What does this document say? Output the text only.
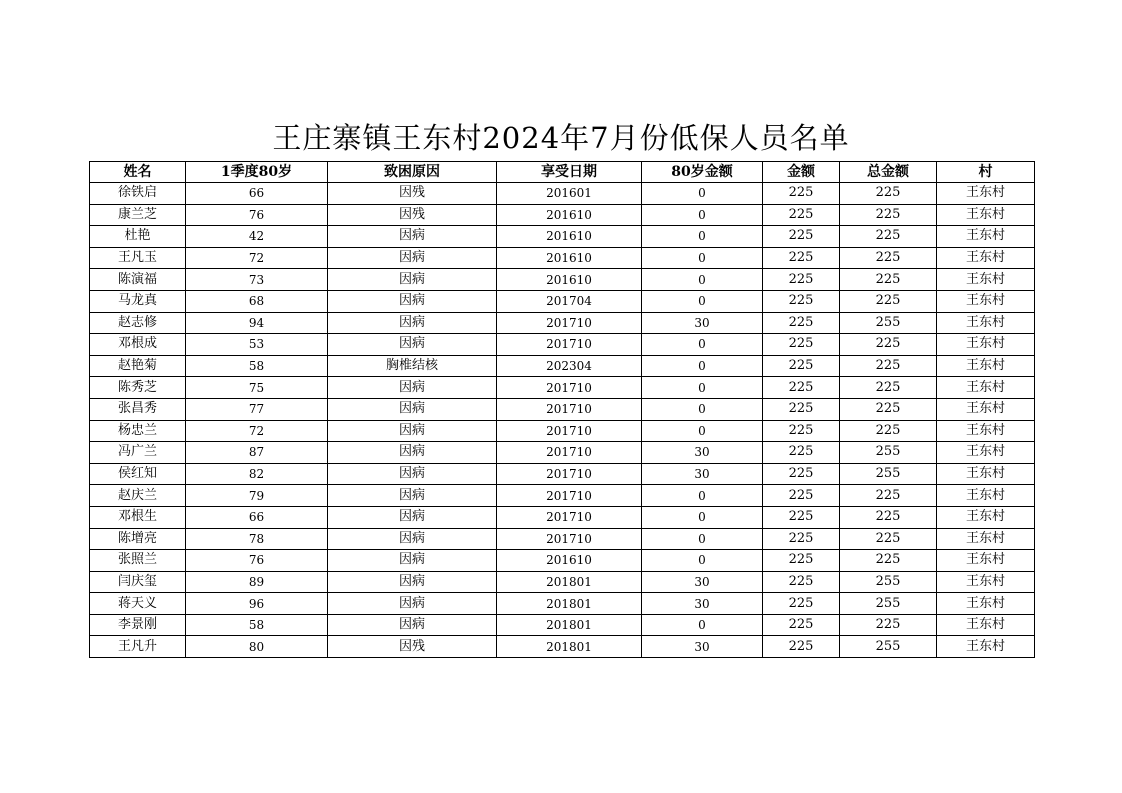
王庄寨镇王东村2024年7月份低保人员名单
姓名	1季度80岁	致困原因	享受日期	80岁金额	金额	总金额	村
徐铁启	66	因残	201601	0	225	225	王东村
康兰芝	76	因残	201610	0	225	225	王东村
杜艳	42	因病	201610	0	225	225	王东村
王凡玉	72	因病	201610	0	225	225	王东村
陈演福	73	因病	201610	0	225	225	王东村
马龙真	68	因病	201704	0	225	225	王东村
赵志修	94	因病	201710	30	225	255	王东村
邓根成	53	因病	201710	0	225	225	王东村
赵艳菊	58	胸椎结核	202304	0	225	225	王东村
陈秀芝	75	因病	201710	0	225	225	王东村
张昌秀	77	因病	201710	0	225	225	王东村
杨忠兰	72	因病	201710	0	225	225	王东村
冯广兰	87	因病	201710	30	225	255	王东村
侯红知	82	因病	201710	30	225	255	王东村
赵庆兰	79	因病	201710	0	225	225	王东村
邓根生	66	因病	201710	0	225	225	王东村
陈增亮	78	因病	201710	0	225	225	王东村
张照兰	76	因病	201610	0	225	225	王东村
闫庆玺	89	因病	201801	30	225	255	王东村
蒋天义	96	因病	201801	30	225	255	王东村
李景刚	58	因病	201801	0	225	225	王东村
王凡升	80	因残	201801	30	225	255	王东村
